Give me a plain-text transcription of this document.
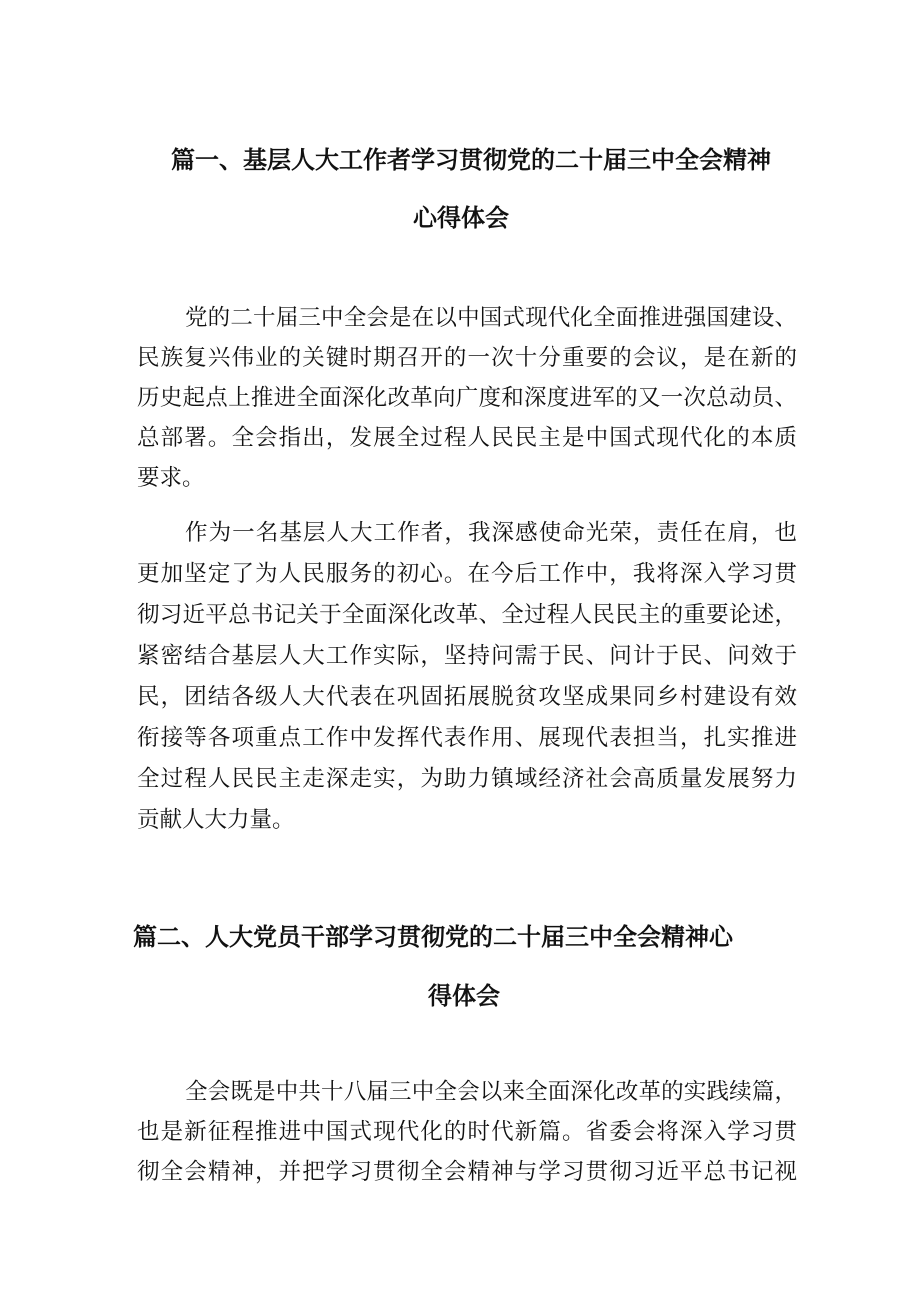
篇一、基层人大工作者学习贯彻党的二十届三中全会精神
心得体会
党的二十届三中全会是在以中国式现代化全面推进强国建设、
民族复兴伟业的关键时期召开的一次十分重要的会议，是在新的
历史起点上推进全面深化改革向广度和深度进军的又一次总动员、
总部署。全会指出，发展全过程人民民主是中国式现代化的本质
要求。
作为一名基层人大工作者，我深感使命光荣，责任在肩，也
更加坚定了为人民服务的初心。在今后工作中，我将深入学习贯
彻习近平总书记关于全面深化改革、全过程人民民主的重要论述，
紧密结合基层人大工作实际，坚持问需于民、问计于民、问效于
民，团结各级人大代表在巩固拓展脱贫攻坚成果同乡村建设有效
衔接等各项重点工作中发挥代表作用、展现代表担当，扎实推进
全过程人民民主走深走实，为助力镇域经济社会高质量发展努力
贡献人大力量。
篇二、人大党员干部学习贯彻党的二十届三中全会精神心
得体会
全会既是中共十八届三中全会以来全面深化改革的实践续篇，
也是新征程推进中国式现代化的时代新篇。省委会将深入学习贯
彻全会精神，并把学习贯彻全会精神与学习贯彻习近平总书记视
